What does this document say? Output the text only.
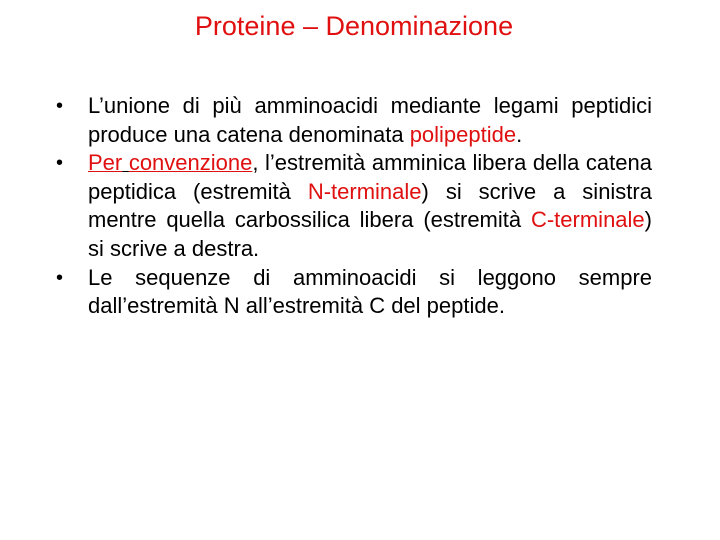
Proteine – Denominazione
•	L’unione di più amminoacidi mediante legami peptidici produce una catena denominata polipeptide.
•	Per convenzione, l’estremità amminica libera della catena peptidica (estremità N-terminale) si scrive a sinistra mentre quella carbossilica libera (estremità C-terminale) si scrive a destra.
•	Le sequenze di amminoacidi si leggono sempre dall’estremità N all’estremità C del peptide.
